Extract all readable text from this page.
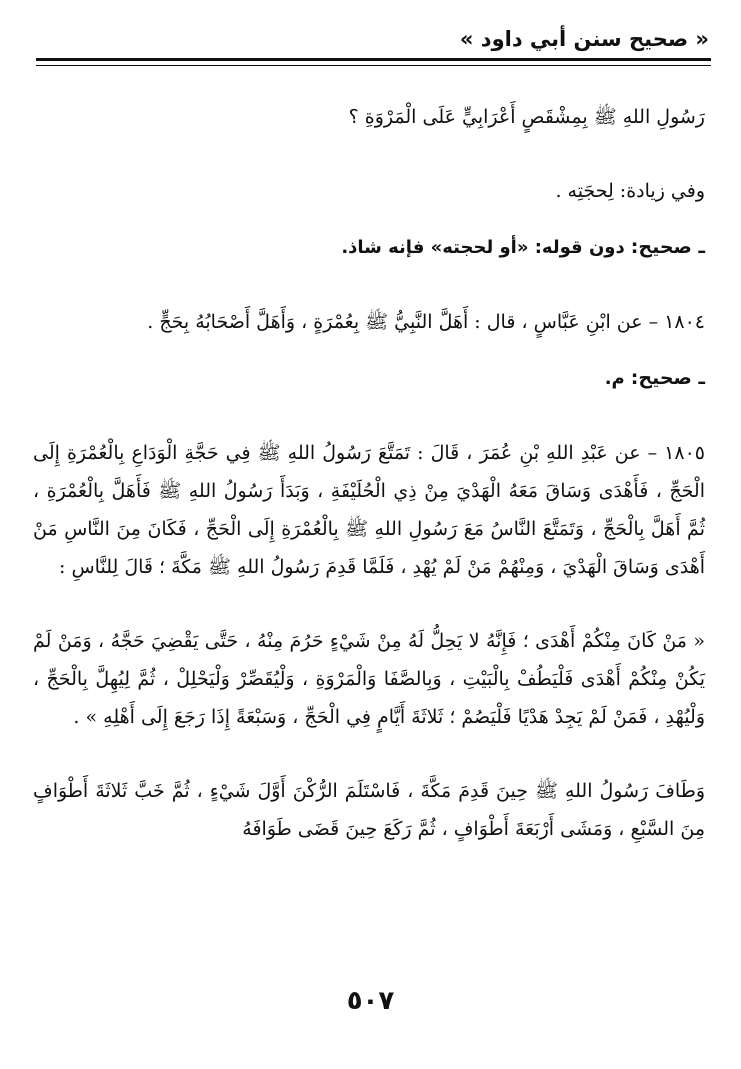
« صحيح سنن أبي داود »

رَسُولِ اللهِ ﷺ بِمِشْقَصٍ أَعْرَابِيٍّ عَلَى الْمَرْوَةِ ؟

وفي زيادة: لِحجَتِه .

ـ صحيح: دون قوله: «أو لحجته» فإنه شاذ.

١٨٠٤ – عن ابْنِ عَبَّاسٍ ، قال : أَهَلَّ النَّبِيُّ ﷺ بِعُمْرَةٍ ، وَأَهَلَّ أَصْحَابُهُ بِحَجٍّ .

ـ صحيح: م.

١٨٠٥ – عن عَبْدِ اللهِ بْنِ عُمَرَ ، قَالَ : تَمَتَّعَ رَسُولُ اللهِ ﷺ فِي حَجَّةِ الْوَدَاعِ بِالْعُمْرَةِ إِلَى الْحَجِّ ، فَأَهْدَى وَسَاقَ مَعَهُ الْهَدْيَ مِنْ ذِي الْحُلَيْفَةِ ، وَبَدَأَ رَسُولُ اللهِ ﷺ فَأَهَلَّ بِالْعُمْرَةِ ، ثُمَّ أَهَلَّ بِالْحَجِّ ، وَتَمَتَّعَ النَّاسُ مَعَ رَسُولِ اللهِ ﷺ بِالْعُمْرَةِ إِلَى الْحَجِّ ، فَكَانَ مِنَ النَّاسِ مَنْ أَهْدَى وَسَاقَ الْهَدْيَ ، وَمِنْهُمْ مَنْ لَمْ يُهْدِ ، فَلَمَّا قَدِمَ رَسُولُ اللهِ ﷺ مَكَّةَ ؛ قَالَ لِلنَّاسِ :

« مَنْ كَانَ مِنْكُمْ أَهْدَى ؛ فَإِنَّهُ لا يَحِلُّ لَهُ مِنْ شَيْءٍ حَرُمَ مِنْهُ ، حَتَّى يَقْضِيَ حَجَّهُ ، وَمَنْ لَمْ يَكُنْ مِنْكُمْ أَهْدَى فَلْيَطُفْ بِالْبَيْتِ ، وَبِالصَّفَا وَالْمَرْوَةِ ، وَلْيُقَصِّرْ وَلْيَحْلِلْ ، ثُمَّ لِيُهِلَّ بِالْحَجِّ ، وَلْيُهْدِ ، فَمَنْ لَمْ يَجِدْ هَدْيًا فَلْيَصُمْ ؛ ثَلاثَةَ أَيَّامٍ فِي الْحَجِّ ، وَسَبْعَةً إِذَا رَجَعَ إِلَى أَهْلِهِ » .

وَطَافَ رَسُولُ اللهِ ﷺ حِينَ قَدِمَ مَكَّةَ ، فَاسْتَلَمَ الرُّكْنَ أَوَّلَ شَيْءٍ ، ثُمَّ خَبَّ ثَلاثَةَ أَطْوَافٍ مِنَ السَّبْعِ ، وَمَشَى أَرْبَعَةَ أَطْوَافٍ ، ثُمَّ رَكَعَ حِينَ قَضَى طَوَافَهُ

٥٠٧
